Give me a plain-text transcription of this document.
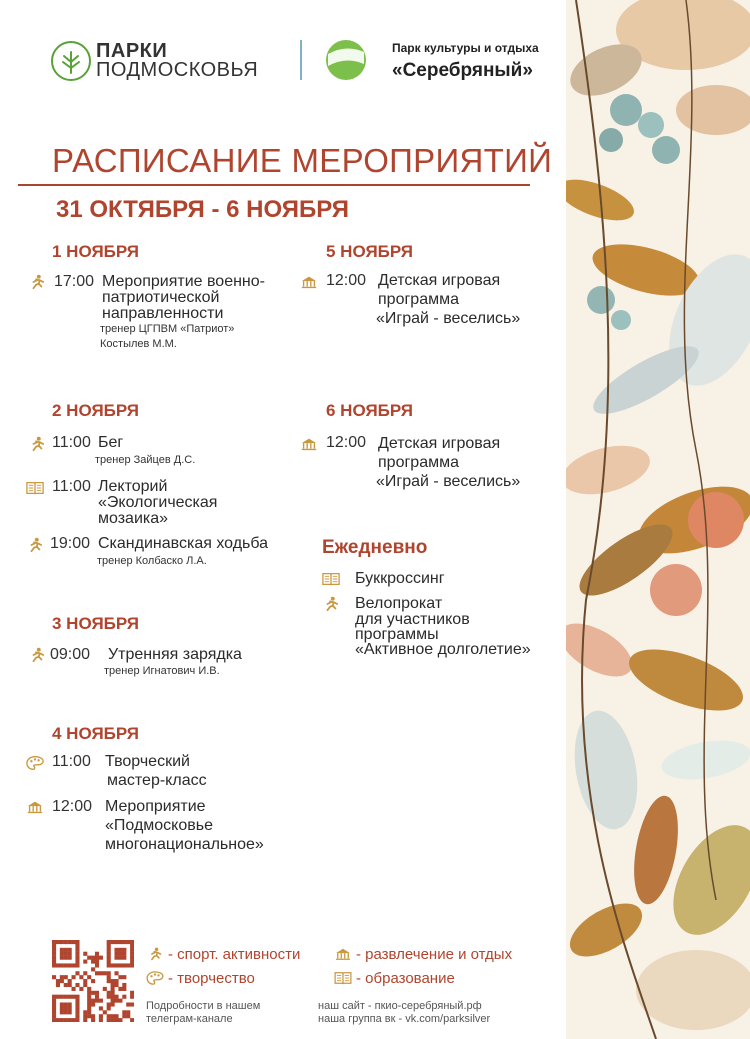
ПАРКИ
ПОДМОСКОВЬЯ
Парк культуры и отдыха
«Серебряный»
РАСПИСАНИЕ МЕРОПРИЯТИЙ
31 ОКТЯБРЯ - 6 НОЯБРЯ
1 НОЯБРЯ
17:00 Мероприятие военно-
патриотической
направленности
тренер ЦГПВМ «Патриот»
Костылев М.М.
2 НОЯБРЯ
11:00 Бег
тренер Зайцев Д.С.
11:00 Лекторий
«Экологическая
мозаика»
19:00 Скандинавская ходьба
тренер Колбаско Л.А.
3 НОЯБРЯ
09:00 Утренняя зарядка
тренер Игнатович И.В.
4 НОЯБРЯ
11:00 Творческий
мастер-класс
12:00 Мероприятие
«Подмосковье
многонациональное»
5 НОЯБРЯ
12:00 Детская игровая
программа
«Играй - веселись»
6 НОЯБРЯ
12:00 Детская игровая
программа
«Играй - веселись»
Ежедневно
Буккроссинг
Велопрокат
для участников
программы
«Активное долголетие»
- спорт. активности	- развлечение и отдых
- творчество	- образование
Подробности в нашем
телеграм-канале
наш сайт - пкио-серебряный.рф
наша группа вк - vk.com/parksilver
